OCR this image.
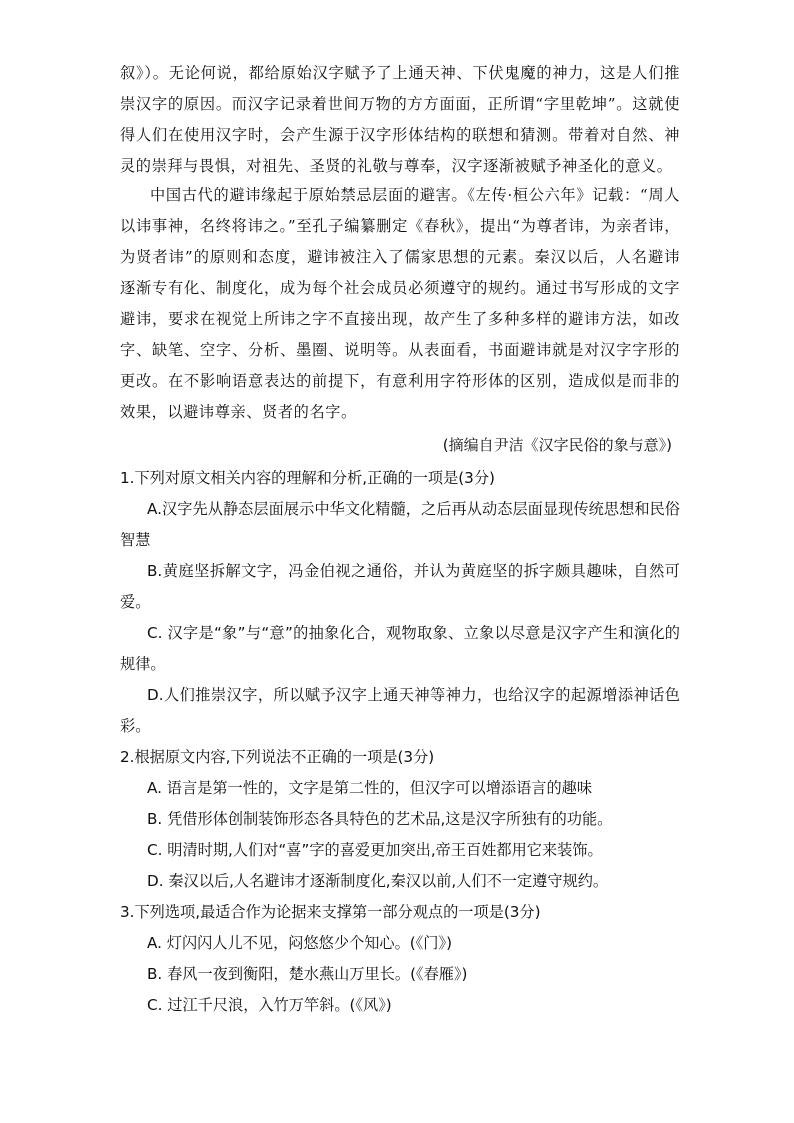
叙》）。无论何说，都给原始汉字赋予了上通天神、下伏鬼魔的神力，这是人们推崇汉字的原因。而汉字记录着世间万物的方方面面，正所谓“字里乾坤”。这就使得人们在使用汉字时，会产生源于汉字形体结构的联想和猜测。带着对自然、神灵的崇拜与畏惧，对祖先、圣贤的礼敬与尊奉，汉字逐渐被赋予神圣化的意义。

中国古代的避讳缘起于原始禁忌层面的避害。《左传·桓公六年》记载：“周人以讳事神，名终将讳之。”至孔子编纂删定《春秋》，提出“为尊者讳，为亲者讳，为贤者讳”的原则和态度，避讳被注入了儒家思想的元素。秦汉以后，人名避讳逐渐专有化、制度化，成为每个社会成员必须遵守的规约。通过书写形成的文字避讳，要求在视觉上所讳之字不直接出现，故产生了多种多样的避讳方法，如改字、缺笔、空字、分析、墨圈、说明等。从表面看，书面避讳就是对汉字字形的更改。在不影响语意表达的前提下，有意利用字符形体的区别，造成似是而非的效果，以避讳尊亲、贤者的名字。

(摘编自尹洁《汉字民俗的象与意》)

1.下列对原文相关内容的理解和分析,正确的一项是(3分)

A.汉字先从静态层面展示中华文化精髓，之后再从动态层面显现传统思想和民俗智慧

B.黄庭坚拆解文字，冯金伯视之通俗，并认为黄庭坚的拆字颇具趣味，自然可爱。

C. 汉字是“象”与“意”的抽象化合，观物取象、立象以尽意是汉字产生和演化的规律。

D.人们推崇汉字，所以赋予汉字上通天神等神力，也给汉字的起源增添神话色彩。

2.根据原文内容,下列说法不正确的一项是(3分)

A. 语言是第一性的，文字是第二性的，但汉字可以增添语言的趣味

B. 凭借形体创制装饰形态各具特色的艺术品,这是汉字所独有的功能。

C. 明清时期,人们对“喜”字的喜爱更加突出,帝王百姓都用它来装饰。

D. 秦汉以后,人名避讳才逐渐制度化,秦汉以前,人们不一定遵守规约。

3.下列选项,最适合作为论据来支撑第一部分观点的一项是(3分)

A. 灯闪闪人儿不见，闷悠悠少个知心。(《门》)

B. 春风一夜到衡阳，楚水燕山万里长。(《春雁》)

C. 过江千尺浪，入竹万竿斜。(《风》)
